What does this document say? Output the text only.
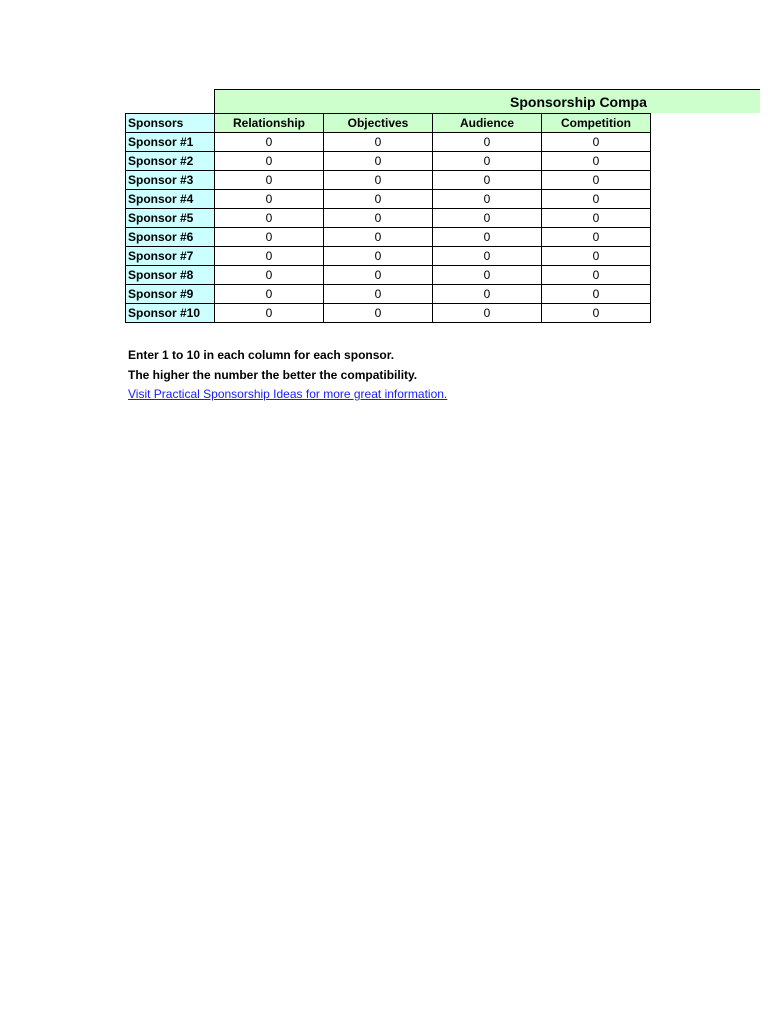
Sponsorship Compa
Sponsors	Relationship	Objectives	Audience	Competition
Sponsor #1	0	0	0	0
Sponsor #2	0	0	0	0
Sponsor #3	0	0	0	0
Sponsor #4	0	0	0	0
Sponsor #5	0	0	0	0
Sponsor #6	0	0	0	0
Sponsor #7	0	0	0	0
Sponsor #8	0	0	0	0
Sponsor #9	0	0	0	0
Sponsor #10	0	0	0	0
Enter 1 to 10 in each column for each sponsor.
The higher the number the better the compatibility.
Visit Practical Sponsorship Ideas for more great information.
